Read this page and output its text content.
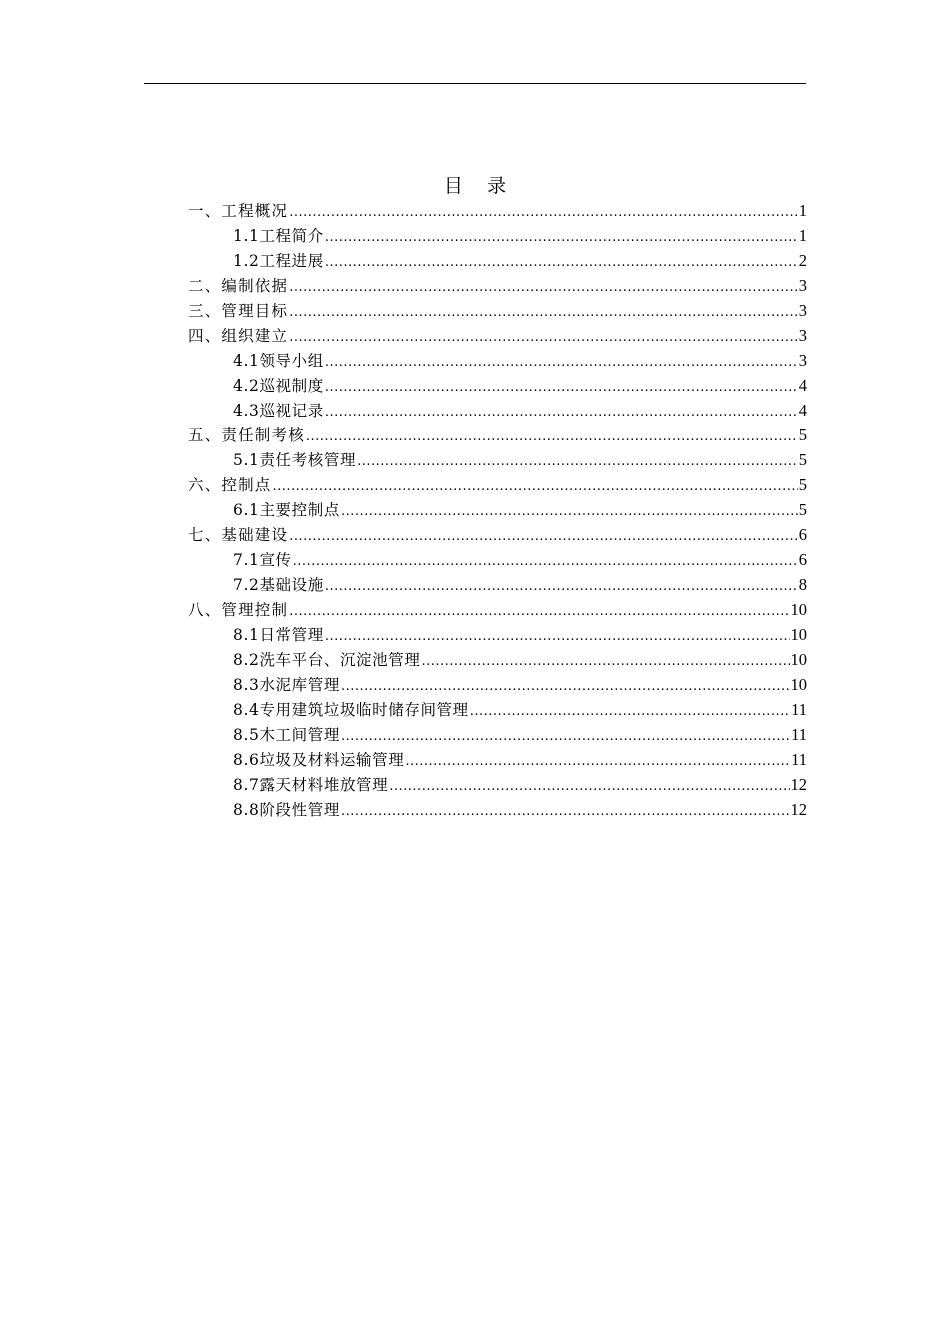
目    录
一、工程概况 .....	1
1.1工程简介 .....	1
1.2工程进展 .....	2
二、编制依据 .....	3
三、管理目标 .....	3
四、组织建立 .....	3
4.1领导小组 .....	3
4.2巡视制度 .....	4
4.3巡视记录 .....	4
五、责任制考核 .....	5
5.1责任考核管理 .....	5
六、控制点 .....	5
6.1主要控制点 .....	5
七、基础建设 .....	6
7.1宣传 .....	6
7.2基础设施 .....	8
八、管理控制 .....	10
8.1日常管理 .....	10
8.2洗车平台、沉淀池管理 .....	10
8.3水泥库管理 .....	10
8.4专用建筑垃圾临时储存间管理 .....	11
8.5木工间管理 .....	11
8.6垃圾及材料运输管理 .....	11
8.7露天材料堆放管理 .....	12
8.8阶段性管理 .....	12
